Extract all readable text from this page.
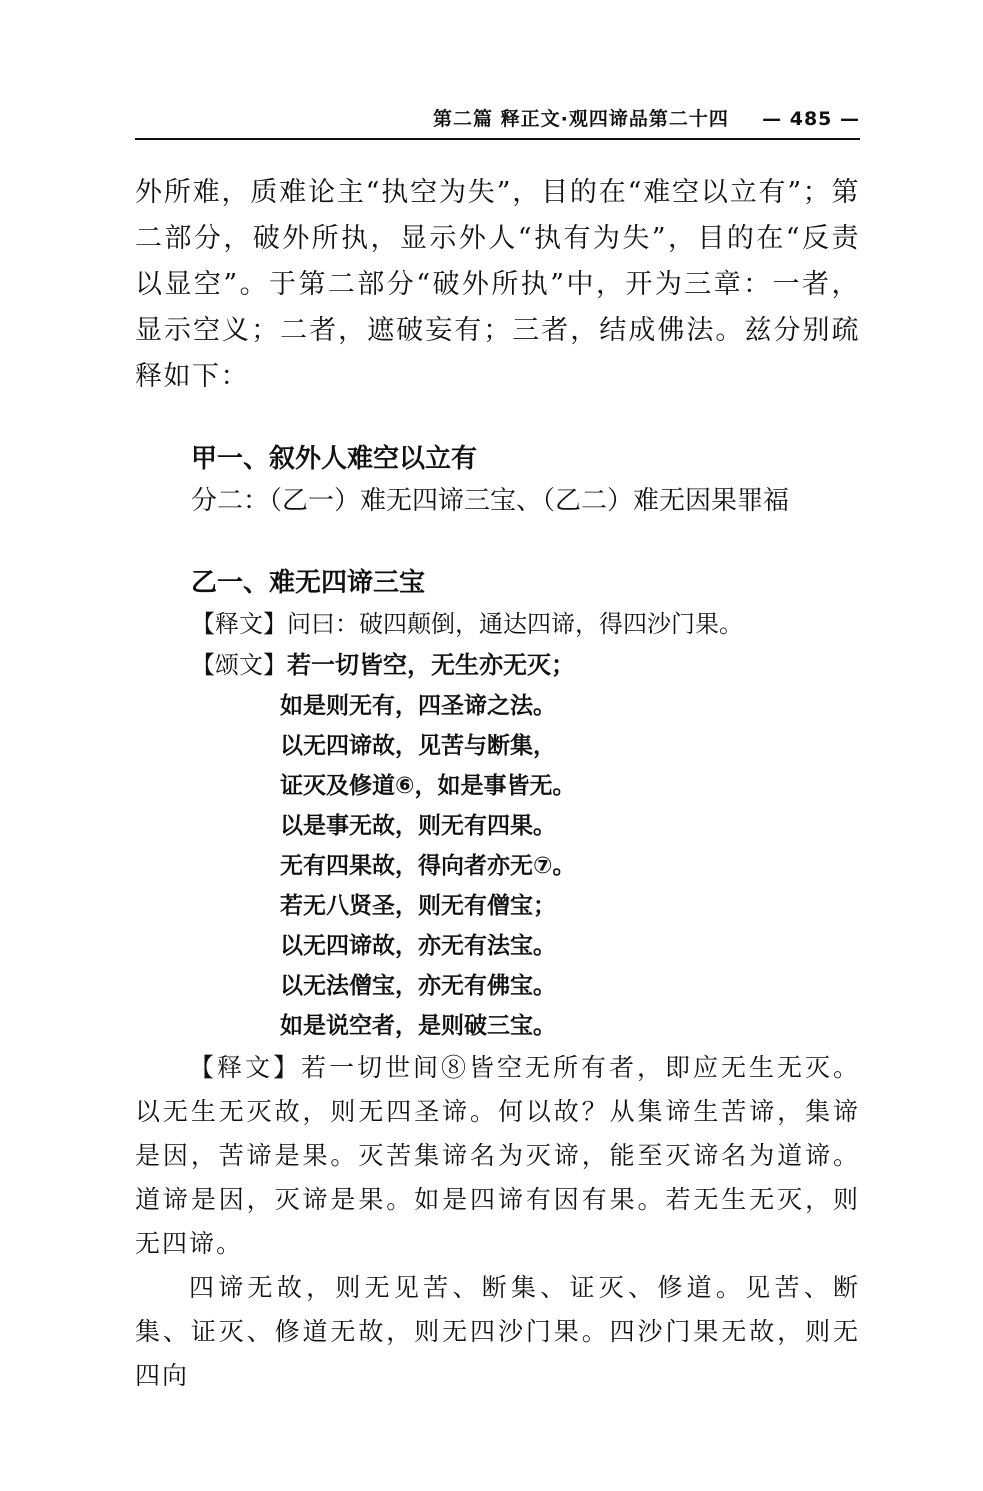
第二篇 释正文·观四谛品第二十四 — 485 —

外所难，质难论主“执空为失”，目的在“难空以立有”；第二部分，破外所执，显示外人“执有为失”，目的在“反责以显空”。于第二部分“破外所执”中，开为三章：一者，显示空义；二者，遮破妄有；三者，结成佛法。兹分别疏释如下：

甲一、叙外人难空以立有
分二：（乙一）难无四谛三宝、（乙二）难无因果罪福
乙一、难无四谛三宝
【释文】问曰：破四颠倒，通达四谛，得四沙门果。
【颂文】若一切皆空，无生亦无灭；
如是则无有，四圣谛之法。
以无四谛故，见苦与断集，
证灭及修道⑥，如是事皆无。
以是事无故，则无有四果。
无有四果故，得向者亦无⑦。
若无八贤圣，则无有僧宝；
以无四谛故，亦无有法宝。
以无法僧宝，亦无有佛宝。
如是说空者，是则破三宝。

【释文】若一切世间⑧皆空无所有者，即应无生无灭。以无生无灭故，则无四圣谛。何以故？从集谛生苦谛，集谛是因，苦谛是果。灭苦集谛名为灭谛，能至灭谛名为道谛。道谛是因，灭谛是果。如是四谛有因有果。若无生无灭，则无四谛。

四谛无故，则无见苦、断集、证灭、修道。见苦、断集、证灭、修道无故，则无四沙门果。四沙门果无故，则无四向
